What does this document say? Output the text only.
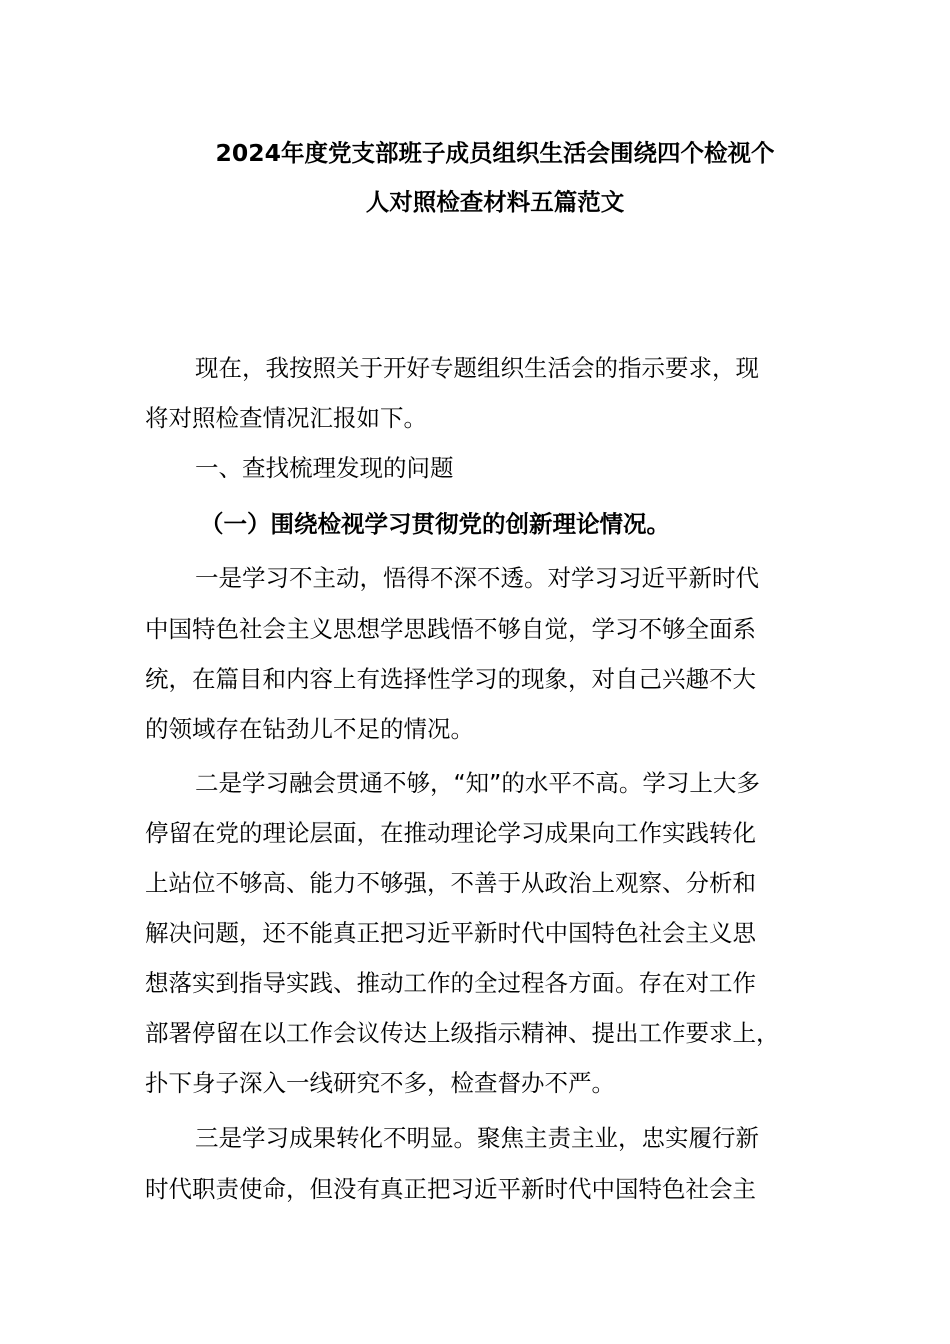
2024年度党支部班子成员组织生活会围绕四个检视个
人对照检查材料五篇范文
现在，我按照关于开好专题组织生活会的指示要求，现
将对照检查情况汇报如下。
一、查找梳理发现的问题
（一）围绕检视学习贯彻党的创新理论情况。
一是学习不主动，悟得不深不透。对学习习近平新时代
中国特色社会主义思想学思践悟不够自觉，学习不够全面系
统，在篇目和内容上有选择性学习的现象，对自己兴趣不大
的领域存在钻劲儿不足的情况。
二是学习融会贯通不够，“知”的水平不高。学习上大多
停留在党的理论层面，在推动理论学习成果向工作实践转化
上站位不够高、能力不够强，不善于从政治上观察、分析和
解决问题，还不能真正把习近平新时代中国特色社会主义思
想落实到指导实践、推动工作的全过程各方面。存在对工作
部署停留在以工作会议传达上级指示精神、提出工作要求上，
扑下身子深入一线研究不多，检查督办不严。
三是学习成果转化不明显。聚焦主责主业，忠实履行新
时代职责使命，但没有真正把习近平新时代中国特色社会主
